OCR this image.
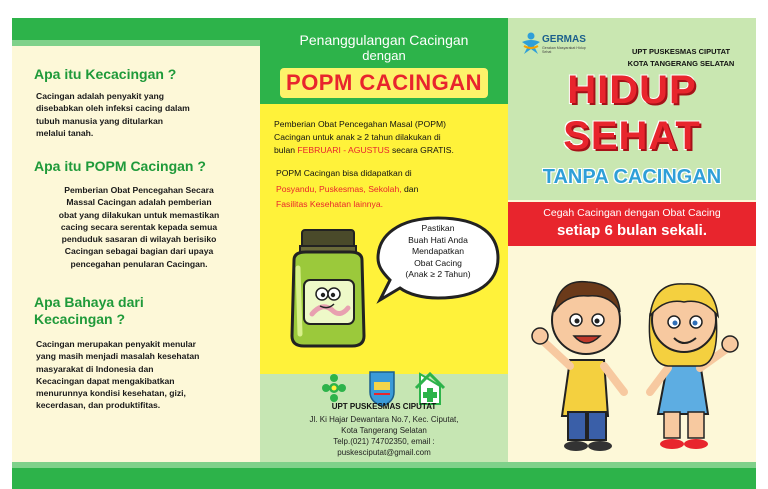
Apa itu Kecacingan ?
Cacingan adalah penyakit yang
disebabkan oleh infeksi cacing dalam
tubuh manusia yang ditularkan
melalui tanah.
Apa itu POPM Cacingan ?
Pemberian Obat Pencegahan Secara
Massal Cacingan adalah pemberian
obat yang dilakukan untuk memastikan
cacing secara serentak kepada semua
penduduk sasaran di wilayah berisiko
Cacingan sebagai bagian dari upaya
pencegahan penularan Cacingan.
Apa Bahaya dari
Kecacingan ?
Cacingan merupakan penyakit menular
yang masih menjadi masalah kesehatan
masyarakat di Indonesia dan
Kecacingan dapat mengakibatkan
menurunnya kondisi kesehatan, gizi,
kecerdasan, dan produktifitas.
Penanggulangan Cacingan
dengan
POPM CACINGAN
Pemberian Obat Pencegahan Masal (POPM)
Cacingan untuk anak ≥ 2 tahun dilakukan di
bulan FEBRUARI - AGUSTUS secara GRATIS.
POPM Cacingan bisa didapatkan di
Posyandu, Puskesmas, Sekolah, dan
Fasilitas Kesehatan lainnya.
Pastikan
Buah Hati Anda
Mendapatkan
Obat Cacing
(Anak ≥ 2 Tahun)
UPT PUSKESMAS CIPUTAT
Jl. Ki Hajar Dewantara No.7, Kec. Ciputat,
Kota Tangerang Selatan
Telp.(021) 74702350, email :
puskesciputat@gmail.com
GERMAS
Gerakan Masyarakat Hidup Sehat	UPT PUSKESMAS CIPUTAT
KOTA TANGERANG SELATAN
HIDUP
SEHAT
TANPA CACINGAN
Cegah Cacingan dengan Obat Cacing
setiap 6 bulan sekali.
